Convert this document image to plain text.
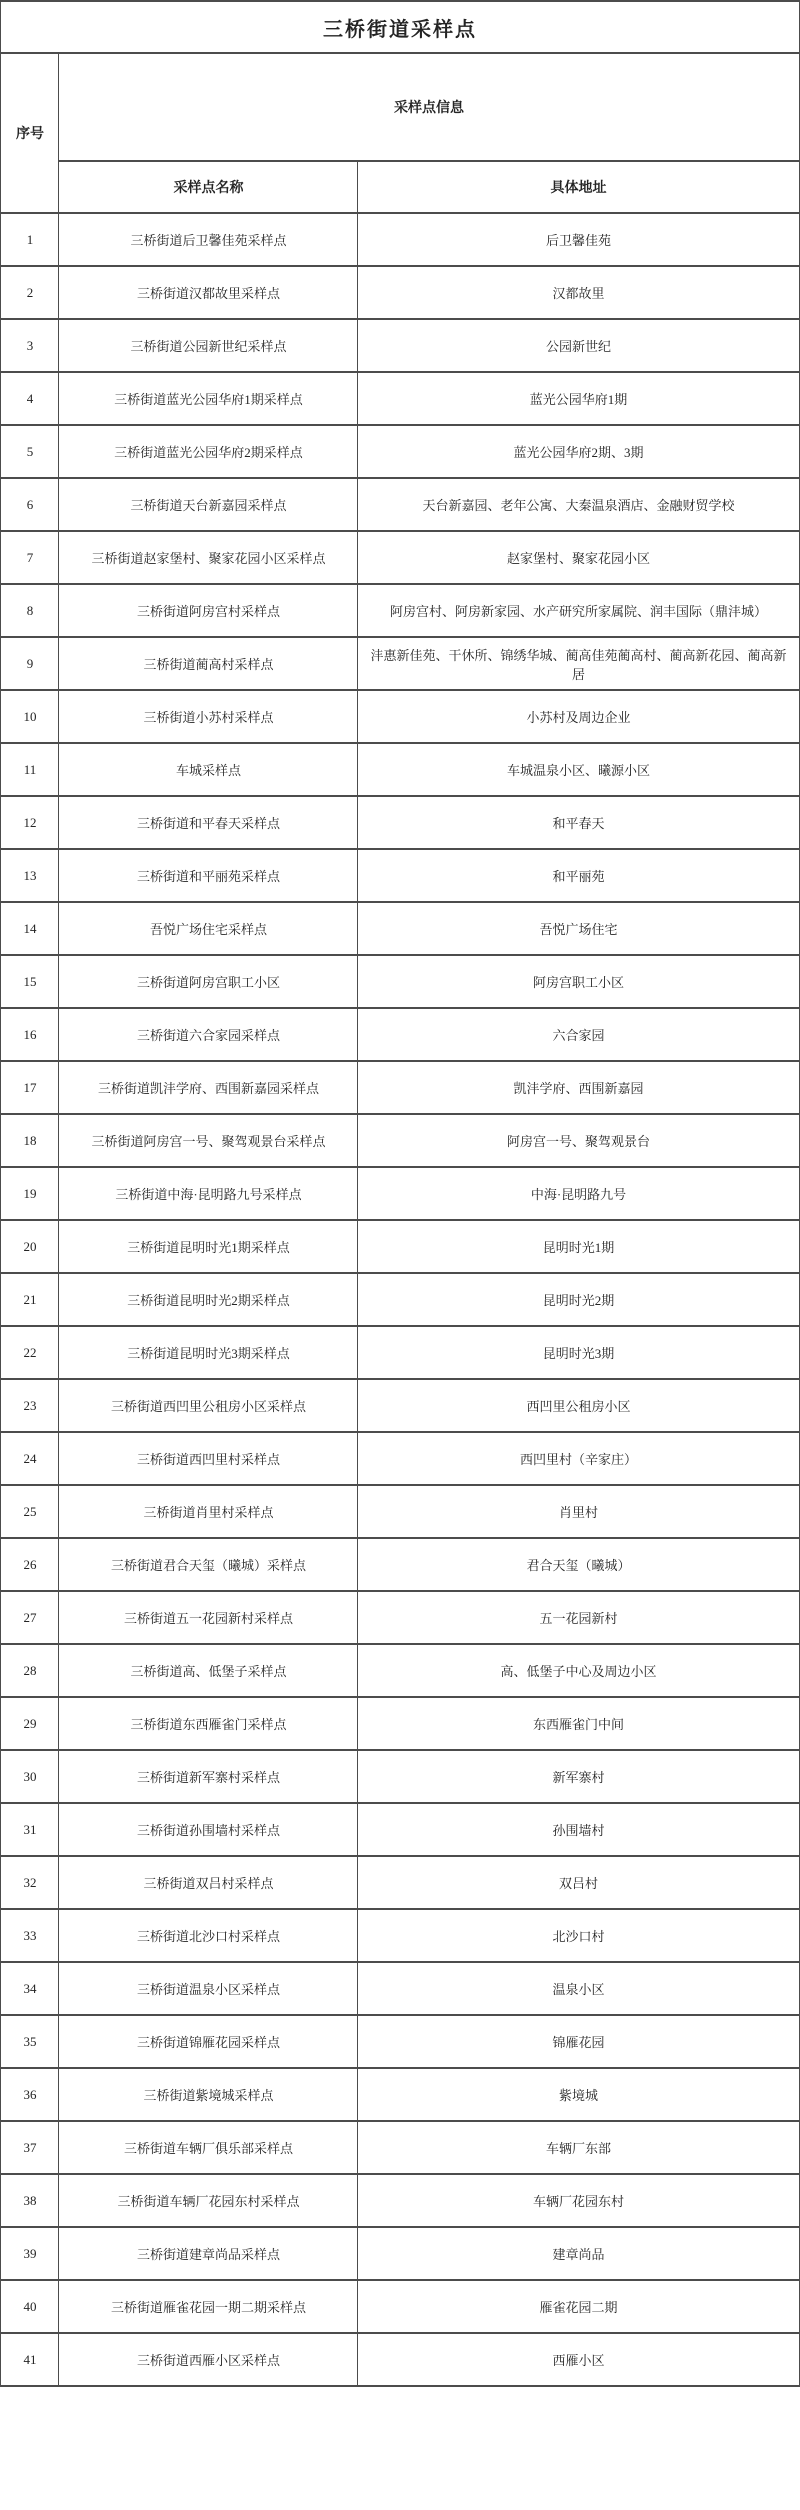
三桥街道采样点		
序号	采样点信息	
	采样点名称	具体地址
1	三桥街道后卫馨佳苑采样点	后卫馨佳苑
2	三桥街道汉都故里采样点	汉都故里
3	三桥街道公园新世纪采样点	公园新世纪
4	三桥街道蓝光公园华府1期采样点	蓝光公园华府1期
5	三桥街道蓝光公园华府2期采样点	蓝光公园华府2期、3期
6	三桥街道天台新嘉园采样点	天台新嘉园、老年公寓、大秦温泉酒店、金融财贸学校
7	三桥街道赵家堡村、聚家花园小区采样点	赵家堡村、聚家花园小区
8	三桥街道阿房宫村采样点	阿房宫村、阿房新家园、水产研究所家属院、润丰国际（鼎沣城）
9	三桥街道蔺高村采样点	沣惠新佳苑、干休所、锦绣华城、蔺高佳苑蔺高村、蔺高新花园、蔺高新居
10	三桥街道小苏村采样点	小苏村及周边企业
11	车城采样点	车城温泉小区、曦源小区
12	三桥街道和平春天采样点	和平春天
13	三桥街道和平丽苑采样点	和平丽苑
14	吾悦广场住宅采样点	吾悦广场住宅
15	三桥街道阿房宫职工小区	阿房宫职工小区
16	三桥街道六合家园采样点	六合家园
17	三桥街道凯沣学府、西围新嘉园采样点	凯沣学府、西围新嘉园
18	三桥街道阿房宫一号、聚驾观景台采样点	阿房宫一号、聚驾观景台
19	三桥街道中海·昆明路九号采样点	中海·昆明路九号
20	三桥街道昆明时光1期采样点	昆明时光1期
21	三桥街道昆明时光2期采样点	昆明时光2期
22	三桥街道昆明时光3期采样点	昆明时光3期
23	三桥街道西凹里公租房小区采样点	西凹里公租房小区
24	三桥街道西凹里村采样点	西凹里村（辛家庄）
25	三桥街道肖里村采样点	肖里村
26	三桥街道君合天玺（曦城）采样点	君合天玺（曦城）
27	三桥街道五一花园新村采样点	五一花园新村
28	三桥街道高、低堡子采样点	高、低堡子中心及周边小区
29	三桥街道东西雁雀门采样点	东西雁雀门中间
30	三桥街道新军寨村采样点	新军寨村
31	三桥街道孙围墙村采样点	孙围墙村
32	三桥街道双吕村采样点	双吕村
33	三桥街道北沙口村采样点	北沙口村
34	三桥街道温泉小区采样点	温泉小区
35	三桥街道锦雁花园采样点	锦雁花园
36	三桥街道紫境城采样点	紫境城
37	三桥街道车辆厂俱乐部采样点	车辆厂东部
38	三桥街道车辆厂花园东村采样点	车辆厂花园东村
39	三桥街道建章尚品采样点	建章尚品
40	三桥街道雁雀花园一期二期采样点	雁雀花园二期
41	三桥街道西雁小区采样点	西雁小区
